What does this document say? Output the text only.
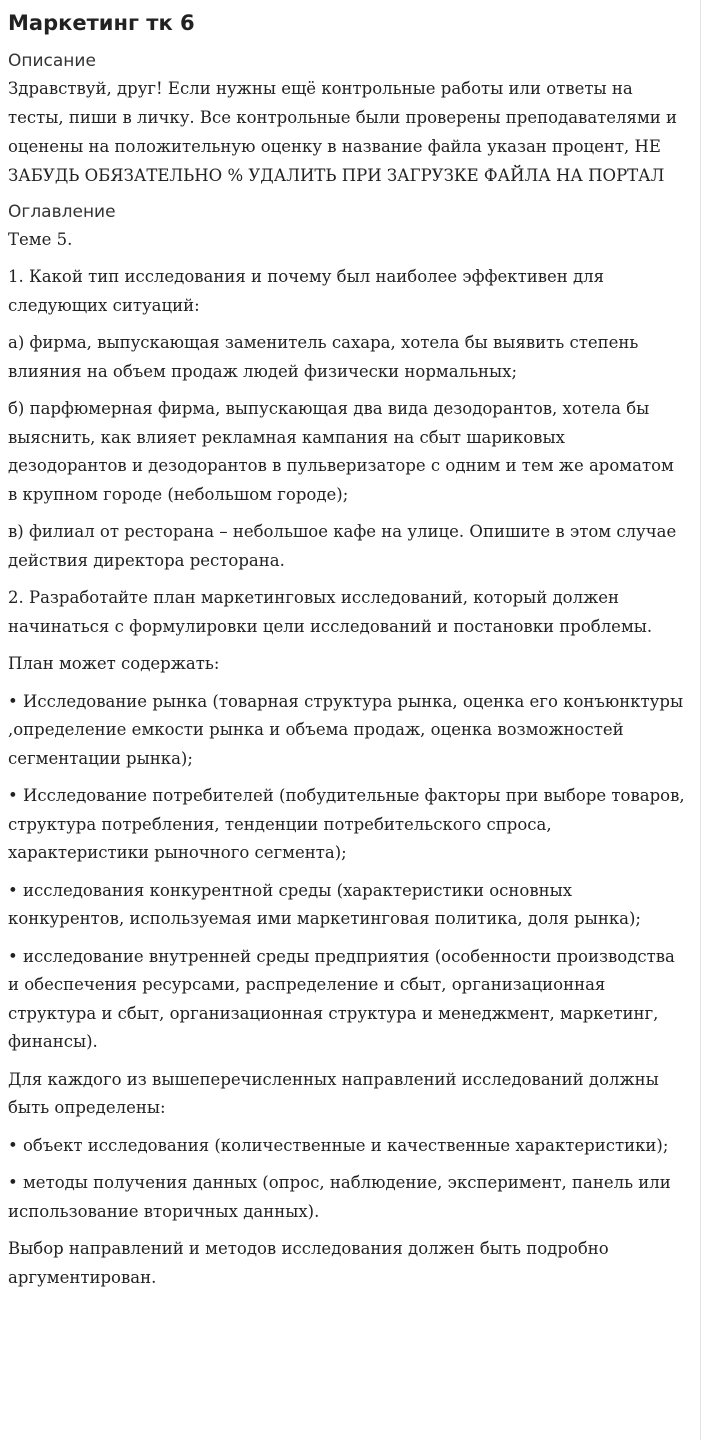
Маркетинг тк 6
Описание
Здравствуй, друг! Если нужны ещё контрольные работы или ответы на тесты, пиши в личку. Все контрольные были проверены преподавателями и оценены на положительную оценку в название файла указан процент, НЕ ЗАБУДЬ ОБЯЗАТЕЛЬНО % УДАЛИТЬ ПРИ ЗАГРУЗКЕ ФАЙЛА НА ПОРТАЛ
Оглавление
Теме 5.

1. Какой тип исследования и почему был наиболее эффективен для следующих ситуаций:

а) фирма, выпускающая заменитель сахара, хотела бы выявить степень влияния на объем продаж людей физически нормальных;

б) парфюмерная фирма, выпускающая два вида дезодорантов, хотела бы выяснить, как влияет рекламная кампания на сбыт шариковых дезодорантов и дезодорантов в пульверизаторе с одним и тем же ароматом в крупном городе (небольшом городе);

в) филиал от ресторана – небольшое кафе на улице. Опишите в этом случае действия директора ресторана.

2. Разработайте план маркетинговых исследований, который должен начинаться с формулировки цели исследований и постановки проблемы.

План может содержать:

• Исследование рынка (товарная структура рынка, оценка его конъюнктуры ,определение емкости рынка и объема продаж, оценка возможностей сегментации рынка);

• Исследование потребителей (побудительные факторы при выборе товаров, структура потребления, тенденции потребительского спроса, характеристики рыночного сегмента);

• исследования конкурентной среды (характеристики основных конкурентов, используемая ими маркетинговая политика, доля рынка);

• исследование внутренней среды предприятия (особенности производства и обеспечения ресурсами, распределение и сбыт, организационная структура и сбыт, организационная структура и менеджмент, маркетинг, финансы).

Для каждого из вышеперечисленных направлений исследований должны быть определены:

• объект исследования (количественные и качественные характеристики);

• методы получения данных (опрос, наблюдение, эксперимент, панель или использование вторичных данных).

Выбор направлений и методов исследования должен быть подробно аргументирован.
